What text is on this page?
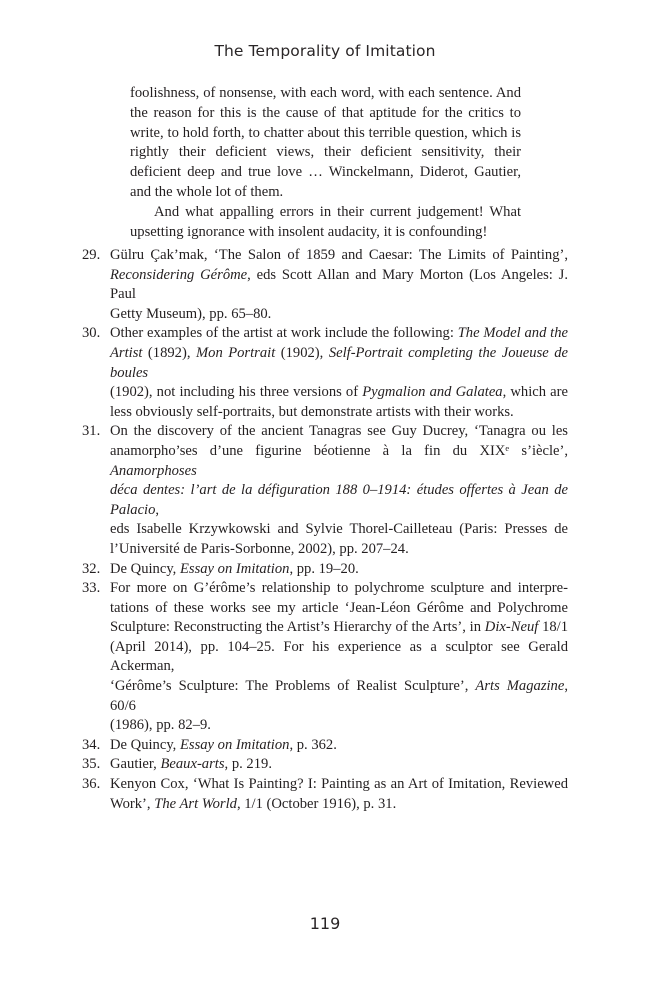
The Temporality of Imitation

foolishness, of nonsense, with each word, with each sentence. And the reason for this is the cause of that aptitude for the critics to write, to hold forth, to chatter about this terrible question, which is rightly their deficient views, their deficient sensitivity, their deficient deep and true love … Winckelmann, Diderot, Gautier, and the whole lot of them.

And what appalling errors in their current judgement! What upsetting ignorance with insolent audacity, it is confounding!

29. Gülru Çak’mak, ‘The Salon of 1859 and Caesar: The Limits of Painting’,
Reconsidering Gérôme, eds Scott Allan and Mary Morton (Los Angeles: J. Paul
Getty Museum), pp. 65–80.
30. Other examples of the artist at work include the following: The Model and the
Artist (1892), Mon Portrait (1902), Self-Portrait completing the Joueuse de boules
(1902), not including his three versions of Pygmalion and Galatea, which are
less obviously self-portraits, but demonstrate artists with their works.
31. On the discovery of the ancient Tanagras see Guy Ducrey, ‘Tanagra ou les
anamorpho’ses d’une figurine béotienne à la fin du XIXᵉ s’iècle’, Anamorphoses
déca dentes: l’art de la défiguration 188 0–1914: études offertes à Jean de Palacio,
eds Isabelle Krzywkowski and Sylvie Thorel-Cailleteau (Paris: Presses de
l’Université de Paris-Sorbonne, 2002), pp. 207–24.
32. De Quincy, Essay on Imitation, pp. 19–20.
33. For more on G’érôme’s relationship to polychrome sculpture and interpre-
tations of these works see my article ‘Jean-Léon Gérôme and Polychrome
Sculpture: Reconstructing the Artist’s Hierarchy of the Arts’, in Dix-Neuf 18/1
(April 2014), pp. 104–25. For his experience as a sculptor see Gerald Ackerman,
‘Gérôme’s Sculpture: The Problems of Realist Sculpture’, Arts Magazine, 60/6
(1986), pp. 82–9.
34. De Quincy, Essay on Imitation, p. 362.
35. Gautier, Beaux-arts, p. 219.
36. Kenyon Cox, ‘What Is Painting? I: Painting as an Art of Imitation, Reviewed
Work’, The Art World, 1/1 (October 1916), p. 31.
119
